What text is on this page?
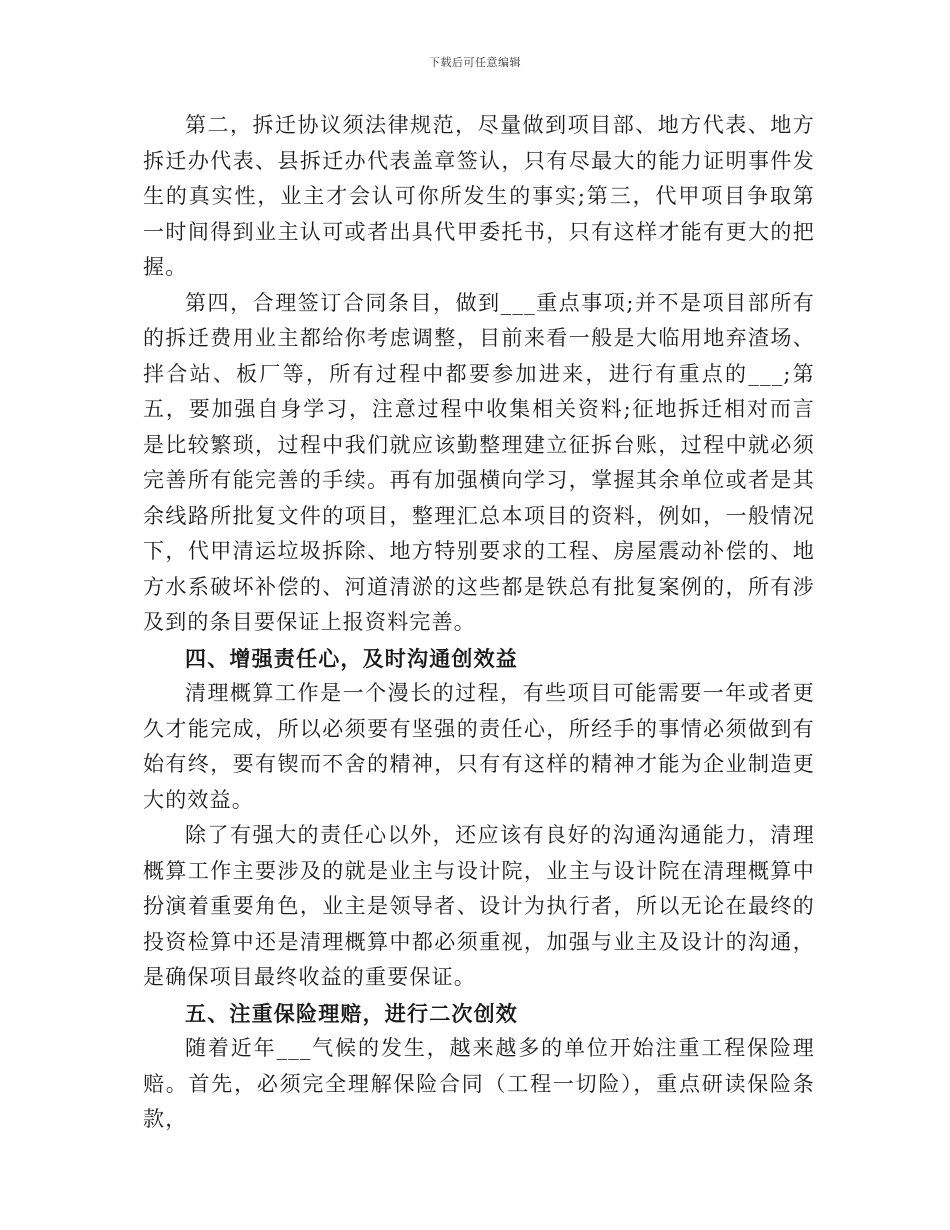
下载后可任意编辑

第二，拆迁协议须法律规范，尽量做到项目部、地方代表、地方拆迁办代表、县拆迁办代表盖章签认，只有尽最大的能力证明事件发生的真实性，业主才会认可你所发生的事实;第三，代甲项目争取第一时间得到业主认可或者出具代甲委托书，只有这样才能有更大的把握。

第四，合理签订合同条目，做到___重点事项;并不是项目部所有的拆迁费用业主都给你考虑调整，目前来看一般是大临用地弃渣场、拌合站、板厂等，所有过程中都要参加进来，进行有重点的___;第五，要加强自身学习，注意过程中收集相关资料;征地拆迁相对而言是比较繁琐，过程中我们就应该勤整理建立征拆台账，过程中就必须完善所有能完善的手续。再有加强横向学习，掌握其余单位或者是其余线路所批复文件的项目，整理汇总本项目的资料，例如，一般情况下，代甲清运垃圾拆除、地方特别要求的工程、房屋震动补偿的、地方水系破坏补偿的、河道清淤的这些都是铁总有批复案例的，所有涉及到的条目要保证上报资料完善。

四、增强责任心，及时沟通创效益

清理概算工作是一个漫长的过程，有些项目可能需要一年或者更久才能完成，所以必须要有坚强的责任心，所经手的事情必须做到有始有终，要有锲而不舍的精神，只有有这样的精神才能为企业制造更大的效益。

除了有强大的责任心以外，还应该有良好的沟通沟通能力，清理概算工作主要涉及的就是业主与设计院，业主与设计院在清理概算中扮演着重要角色，业主是领导者、设计为执行者，所以无论在最终的投资检算中还是清理概算中都必须重视，加强与业主及设计的沟通，是确保项目最终收益的重要保证。

五、注重保险理赔，进行二次创效

随着近年___气候的发生，越来越多的单位开始注重工程保险理赔。首先，必须完全理解保险合同（工程一切险），重点研读保险条款，
